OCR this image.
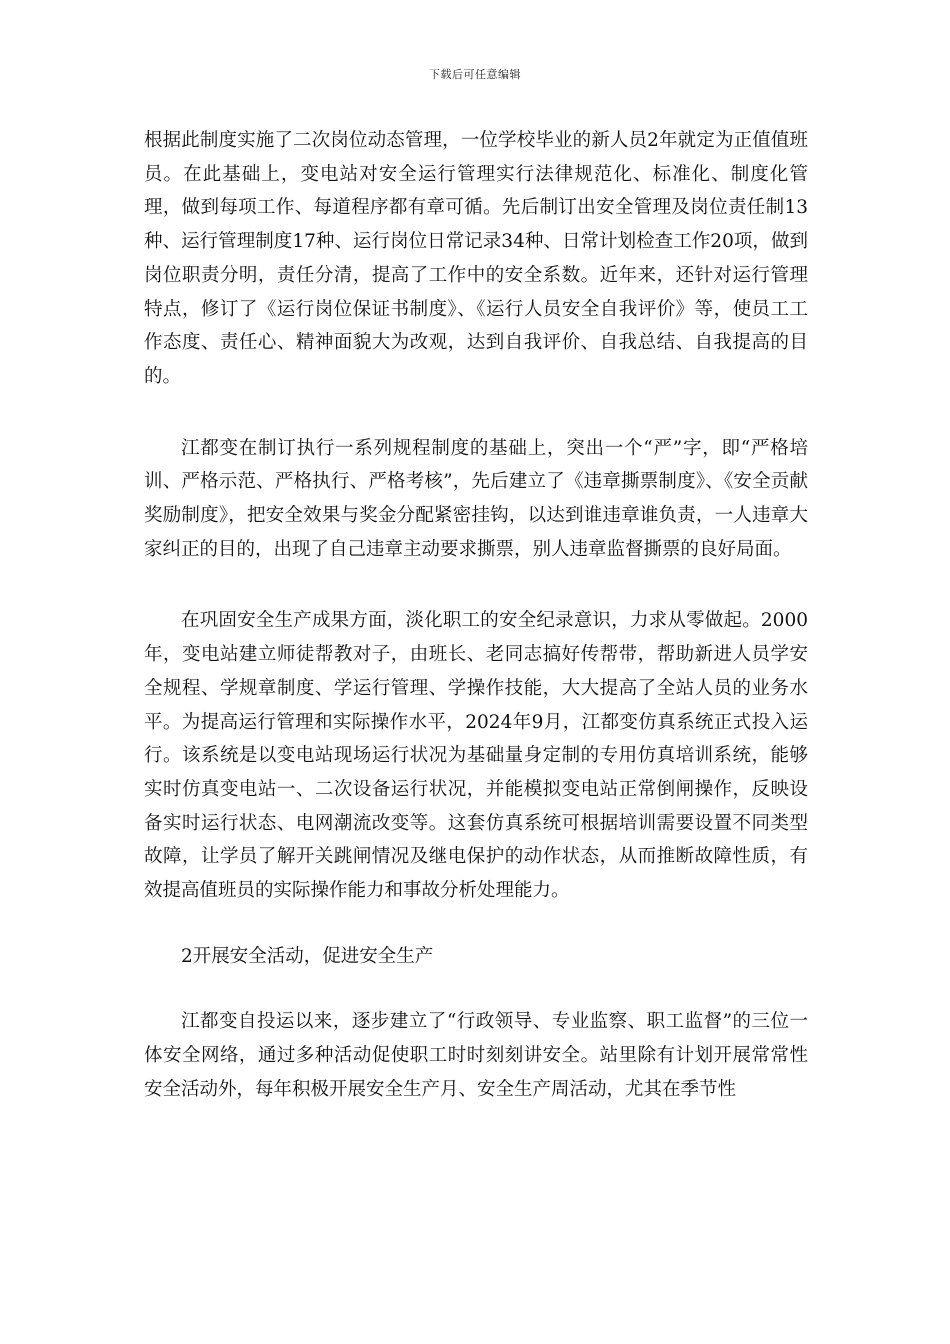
下载后可任意编辑

根据此制度实施了二次岗位动态管理，一位学校毕业的新人员2年就定为正值值班员。在此基础上，变电站对安全运行管理实行法律规范化、标准化、制度化管理，做到每项工作、每道程序都有章可循。先后制订出安全管理及岗位责任制13种、运行管理制度17种、运行岗位日常记录34种、日常计划检查工作20项，做到岗位职责分明，责任分清，提高了工作中的安全系数。近年来，还针对运行管理特点，修订了《运行岗位保证书制度》、《运行人员安全自我评价》等，使员工工作态度、责任心、精神面貌大为改观，达到自我评价、自我总结、自我提高的目的。

江都变在制订执行一系列规程制度的基础上，突出一个“严”字，即“严格培训、严格示范、严格执行、严格考核”，先后建立了《违章撕票制度》、《安全贡献奖励制度》，把安全效果与奖金分配紧密挂钩，以达到谁违章谁负责，一人违章大家纠正的目的，出现了自己违章主动要求撕票，别人违章监督撕票的良好局面。

在巩固安全生产成果方面，淡化职工的安全纪录意识，力求从零做起。2000年，变电站建立师徒帮教对子，由班长、老同志搞好传帮带，帮助新进人员学安全规程、学规章制度、学运行管理、学操作技能，大大提高了全站人员的业务水平。为提高运行管理和实际操作水平，2024年9月，江都变仿真系统正式投入运行。该系统是以变电站现场运行状况为基础量身定制的专用仿真培训系统，能够实时仿真变电站一、二次设备运行状况，并能模拟变电站正常倒闸操作，反映设备实时运行状态、电网潮流改变等。这套仿真系统可根据培训需要设置不同类型故障，让学员了解开关跳闸情况及继电保护的动作状态，从而推断故障性质，有效提高值班员的实际操作能力和事故分析处理能力。

2开展安全活动，促进安全生产

江都变自投运以来，逐步建立了“行政领导、专业监察、职工监督”的三位一体安全网络，通过多种活动促使职工时时刻刻讲安全。站里除有计划开展常常性安全活动外，每年积极开展安全生产月、安全生产周活动，尤其在季节性
